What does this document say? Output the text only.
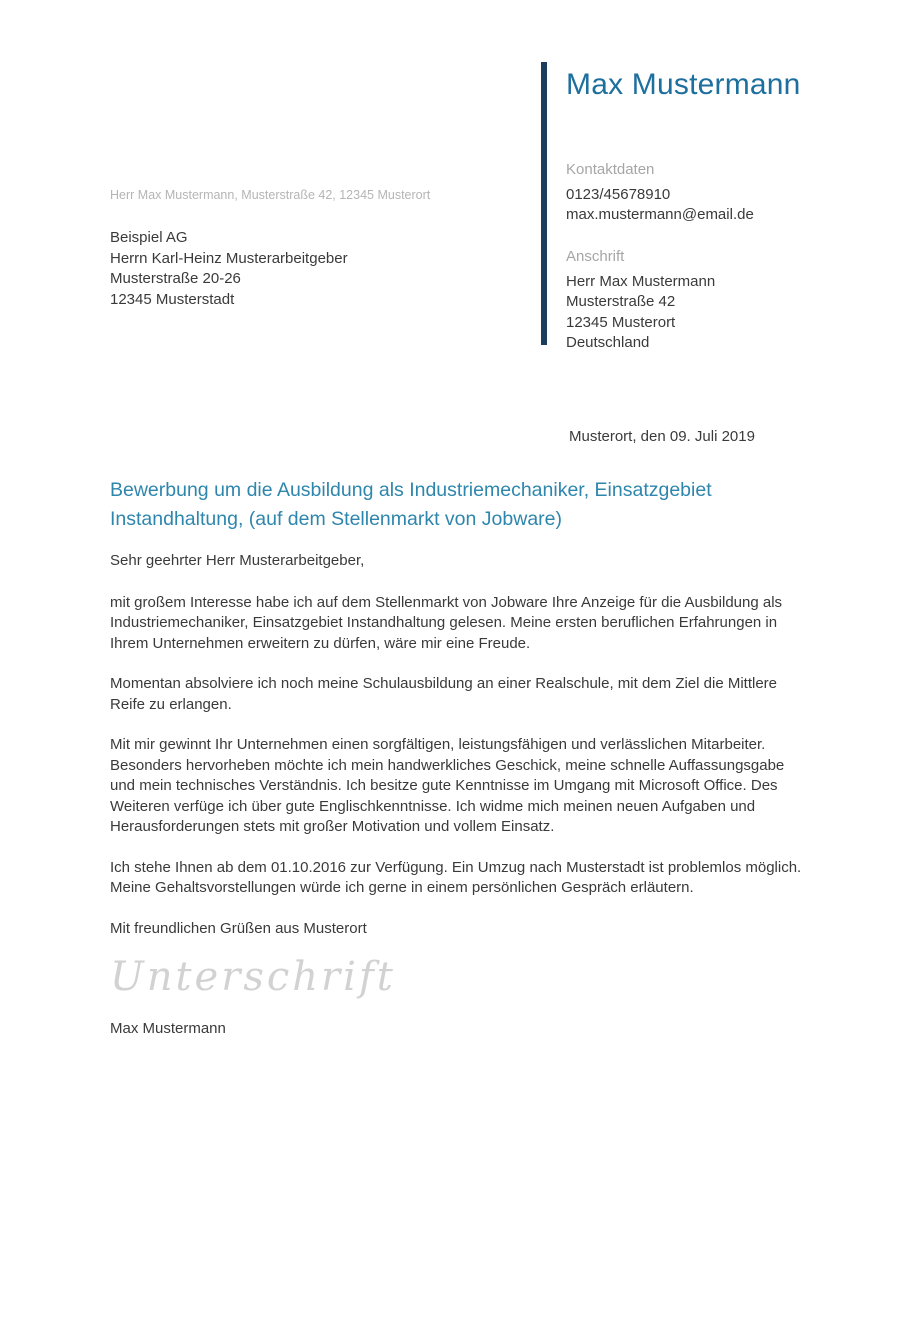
Max Mustermann
Kontaktdaten
0123/45678910
max.mustermann@email.de
Anschrift
Herr Max Mustermann
Musterstraße 42
12345 Musterort
Deutschland
Herr Max Mustermann, Musterstraße 42, 12345 Musterort
Beispiel AG
Herrn Karl-Heinz Musterarbeitgeber
Musterstraße 20-26
12345 Musterstadt
Musterort, den 09. Juli 2019
Bewerbung um die Ausbildung als Industriemechaniker, Einsatzgebiet Instandhaltung, (auf dem Stellenmarkt von Jobware)

Sehr geehrter Herr Musterarbeitgeber,

mit großem Interesse habe ich auf dem Stellenmarkt von Jobware Ihre Anzeige für die Ausbildung als Industriemechaniker, Einsatzgebiet Instandhaltung gelesen. Meine ersten beruflichen Erfahrungen in Ihrem Unternehmen erweitern zu dürfen, wäre mir eine Freude.

Momentan absolviere ich noch meine Schulausbildung an einer Realschule, mit dem Ziel die Mittlere Reife zu erlangen.

Mit mir gewinnt Ihr Unternehmen einen sorgfältigen, leistungsfähigen und verlässlichen Mitarbeiter. Besonders hervorheben möchte ich mein handwerkliches Geschick, meine schnelle Auffassungsgabe und mein technisches Verständnis. Ich besitze gute Kenntnisse im Umgang mit Microsoft Office. Des Weiteren verfüge ich über gute Englischkenntnisse. Ich widme mich meinen neuen Aufgaben und Herausforderungen stets mit großer Motivation und vollem Einsatz.

Ich stehe Ihnen ab dem 01.10.2016 zur Verfügung. Ein Umzug nach Musterstadt ist problemlos möglich. Meine Gehaltsvorstellungen würde ich gerne in einem persönlichen Gespräch erläutern.

Mit freundlichen Grüßen aus Musterort

Unterschrift
Max Mustermann
